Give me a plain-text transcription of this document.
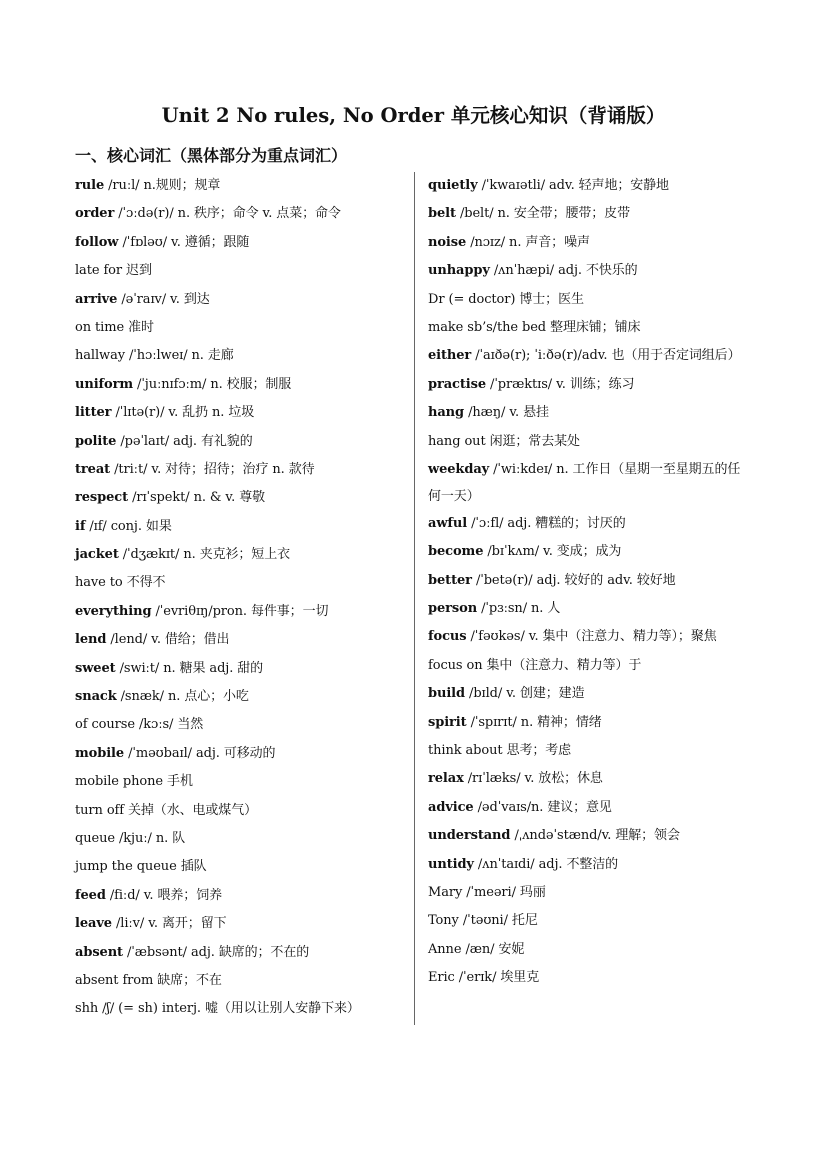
Unit 2 No rules, No Order 单元核心知识（背诵版）
一、核心词汇（黑体部分为重点词汇）
rule /ruːl/ n.规则；规章
order /ˈɔːdə(r)/ n. 秩序；命令 v. 点菜；命令
follow /ˈfɒləʊ/ v. 遵循；跟随
late for 迟到
arrive /əˈraɪv/ v. 到达
on time 准时
hallway /ˈhɔːlweɪ/ n. 走廊
uniform /ˈjuːnɪfɔːm/ n. 校服；制服
litter /ˈlɪtə(r)/ v. 乱扔 n. 垃圾
polite /pəˈlaɪt/ adj. 有礼貌的
treat /triːt/ v. 对待；招待；治疗 n. 款待
respect /rɪˈspekt/ n. & v. 尊敬
if /ɪf/ conj. 如果
jacket /ˈdʒækɪt/ n. 夹克衫；短上衣
have to 不得不
everything /ˈevriθɪŋ/pron. 每件事；一切
lend /lend/ v. 借给；借出
sweet /swiːt/ n. 糖果 adj. 甜的
snack /snæk/ n. 点心；小吃
of course /kɔːs/ 当然
mobile /ˈməʊbaɪl/ adj. 可移动的
mobile phone 手机
turn off 关掉（水、电或煤气）
queue /kjuː/ n. 队
jump the queue 插队
feed /fiːd/ v. 喂养；饲养
leave /liːv/ v. 离开；留下
absent /ˈæbsənt/ adj. 缺席的；不在的
absent from 缺席；不在
shh /ʃ/ (= sh) interj. 嘘（用以让别人安静下来）
quietly /ˈkwaɪətli/ adv. 轻声地；安静地
belt /belt/ n. 安全带；腰带；皮带
noise /nɔɪz/ n. 声音；噪声
unhappy /ʌnˈhæpi/ adj. 不快乐的
Dr (= doctor) 博士；医生
make sb’s/the bed 整理床铺；铺床
either /ˈaɪðə(r); ˈiːðə(r)/adv. 也（用于否定词组后）
practise /ˈpræktɪs/ v. 训练；练习
hang /hæŋ/ v. 悬挂
hang out 闲逛；常去某处
weekday /ˈwiːkdeɪ/ n. 工作日（星期一至星期五的任
何一天）
awful /ˈɔːfl/ adj. 糟糕的；讨厌的
become /bɪˈkʌm/ v. 变成；成为
better /ˈbetə(r)/ adj. 较好的 adv. 较好地
person /ˈpɜːsn/ n. 人
focus /ˈfəʊkəs/ v. 集中（注意力、精力等）；聚焦
focus on 集中（注意力、精力等）于
build /bɪld/ v. 创建；建造
spirit /ˈspɪrɪt/ n. 精神；情绪
think about 思考；考虑
relax /rɪˈlæks/ v. 放松；休息
advice /ədˈvaɪs/n. 建议；意见
understand /ˌʌndəˈstænd/v. 理解；领会
untidy /ʌnˈtaɪdi/ adj. 不整洁的
Mary /ˈmeəri/ 玛丽
Tony /ˈtəʊni/ 托尼
Anne /æn/ 安妮
Eric /ˈerɪk/ 埃里克
